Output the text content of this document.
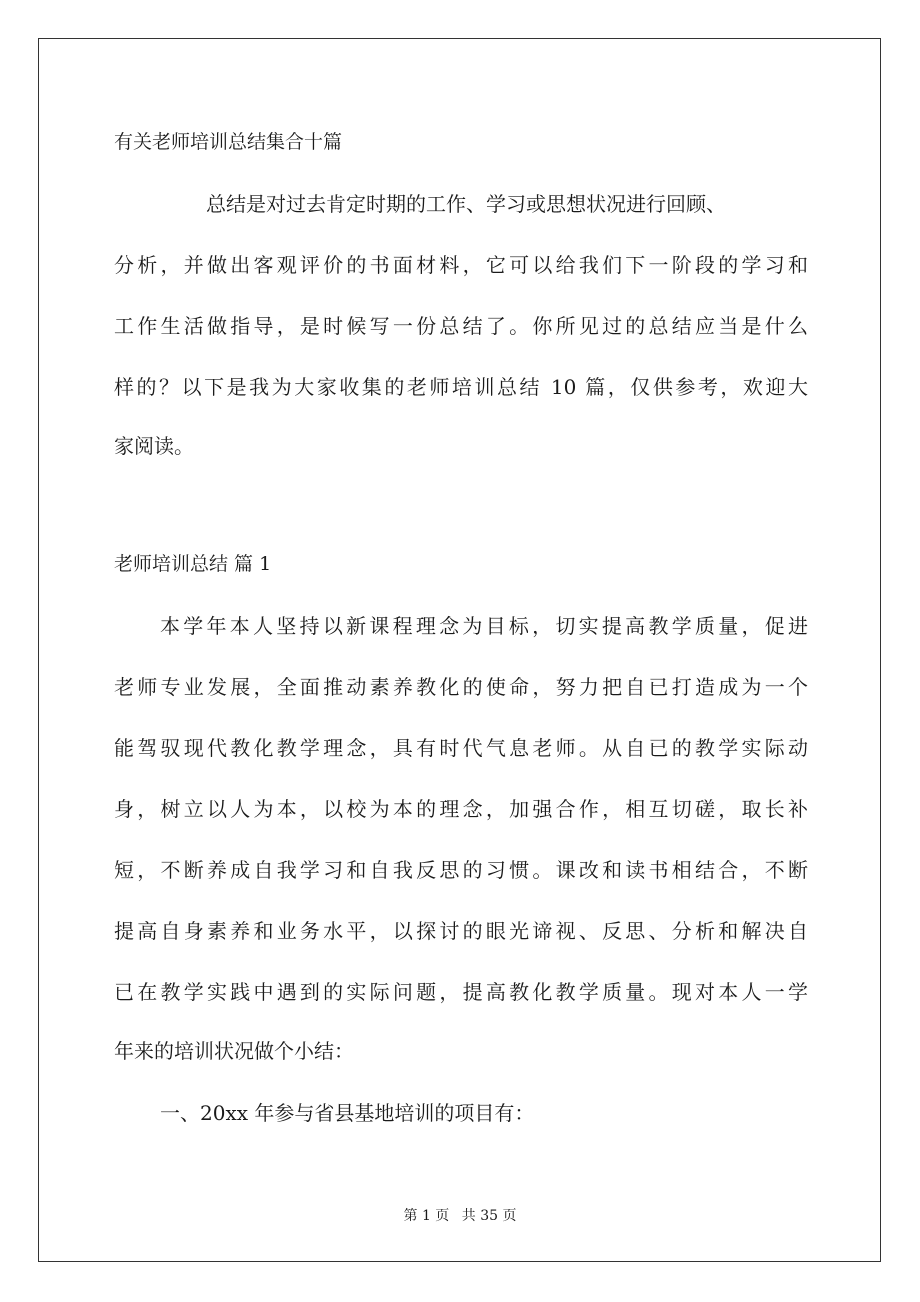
有关老师培训总结集合十篇
总结是对过去肯定时期的工作、学习或思想状况进行回顾、
分析，并做出客观评价的书面材料，它可以给我们下一阶段的学习和
工作生活做指导，是时候写一份总结了。你所见过的总结应当是什么
样的？以下是我为大家收集的老师培训总结 10 篇，仅供参考，欢迎大
家阅读。
老师培训总结 篇 1
本学年本人坚持以新课程理念为目标，切实提高教学质量，促进
老师专业发展，全面推动素养教化的使命，努力把自已打造成为一个
能驾驭现代教化教学理念，具有时代气息老师。从自已的教学实际动
身，树立以人为本，以校为本的理念，加强合作，相互切磋，取长补
短，不断养成自我学习和自我反思的习惯。课改和读书相结合，不断
提高自身素养和业务水平，以探讨的眼光谛视、反思、分析和解决自
已在教学实践中遇到的实际问题，提高教化教学质量。现对本人一学
年来的培训状况做个小结：
一、20xx 年参与省县基地培训的项目有：
第 1 页 共 35 页
